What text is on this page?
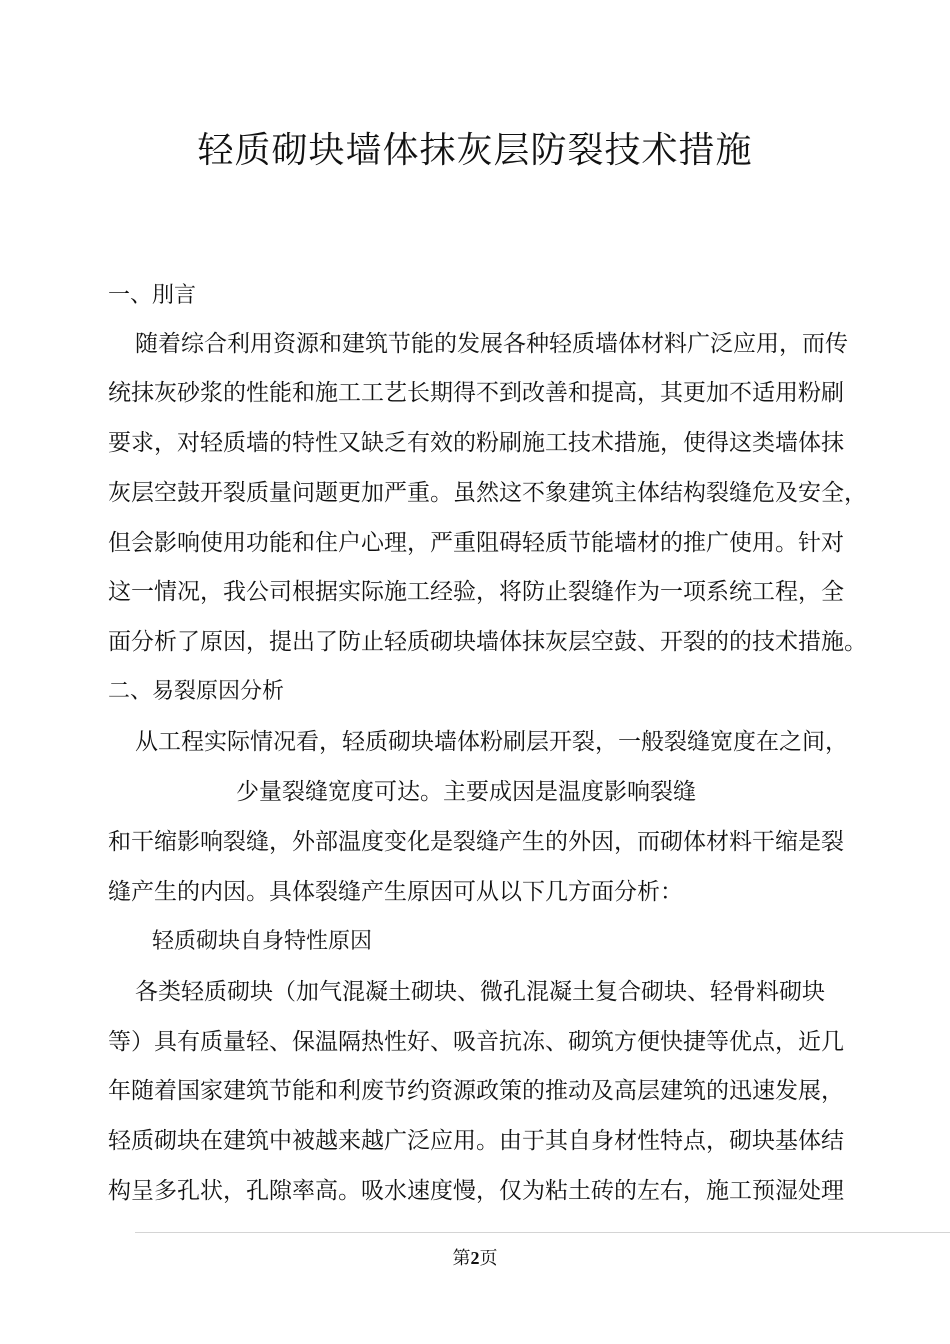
轻质砌块墙体抹灰层防裂技术措施
一、刖言
随着综合利用资源和建筑节能的发展各种轻质墙体材料广泛应用，而传
统抹灰砂浆的性能和施工工艺长期得不到改善和提高，其更加不适用粉刷
要求，对轻质墙的特性又缺乏有效的粉刷施工技术措施，使得这类墙体抹
灰层空鼓开裂质量问题更加严重。虽然这不象建筑主体结构裂缝危及安全，
但会影响使用功能和住户心理，严重阻碍轻质节能墙材的推广使用。针对
这一情况，我公司根据实际施工经验，将防止裂缝作为一项系统工程，全
面分析了原因，提出了防止轻质砌块墙体抹灰层空鼓、开裂的的技术措施。
二、易裂原因分析
从工程实际情况看，轻质砌块墙体粉刷层开裂，一般裂缝宽度在之间，
少量裂缝宽度可达。主要成因是温度影响裂缝
和干缩影响裂缝，外部温度变化是裂缝产生的外因，而砌体材料干缩是裂
缝产生的内因。具体裂缝产生原因可从以下几方面分析：
轻质砌块自身特性原因
各类轻质砌块（加气混凝土砌块、微孔混凝土复合砌块、轻骨料砌块
等）具有质量轻、保温隔热性好、吸音抗冻、砌筑方便快捷等优点，近几
年随着国家建筑节能和利废节约资源政策的推动及高层建筑的迅速发展，
轻质砌块在建筑中被越来越广泛应用。由于其自身材性特点，砌块基体结
构呈多孔状，孔隙率高。吸水速度慢，仅为粘土砖的左右，施工预湿处理
第2页
